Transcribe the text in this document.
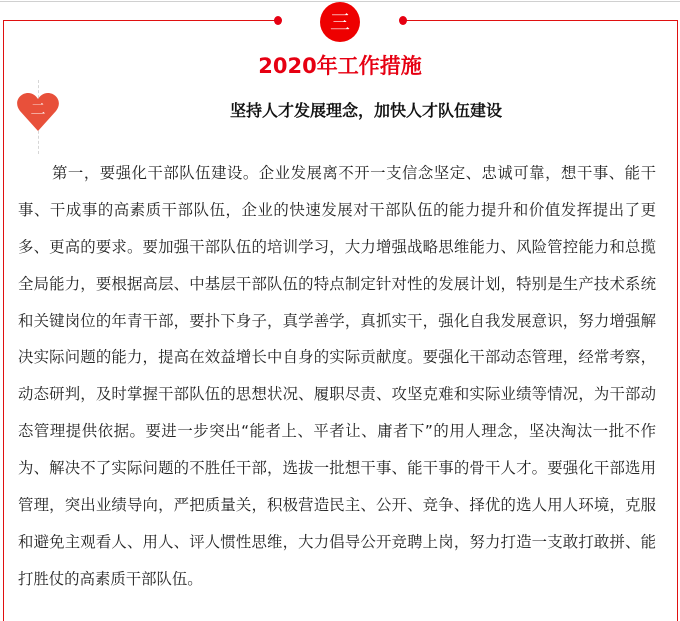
三
2020年工作措施
二	坚持人才发展理念，加快人才队伍建设
第一，要强化干部队伍建设。企业发展离不开一支信念坚定、忠诚可靠，想干事、能干
事、干成事的高素质干部队伍，企业的快速发展对干部队伍的能力提升和价值发挥提出了更
多、更高的要求。要加强干部队伍的培训学习，大力增强战略思维能力、风险管控能力和总揽
全局能力，要根据高层、中基层干部队伍的特点制定针对性的发展计划，特别是生产技术系统
和关键岗位的年青干部，要扑下身子，真学善学，真抓实干，强化自我发展意识，努力增强解
决实际问题的能力，提高在效益增长中自身的实际贡献度。要强化干部动态管理，经常考察，
动态研判，及时掌握干部队伍的思想状况、履职尽责、攻坚克难和实际业绩等情况，为干部动
态管理提供依据。要进一步突出“能者上、平者让、庸者下”的用人理念，坚决淘汰一批不作
为、解决不了实际问题的不胜任干部，选拔一批想干事、能干事的骨干人才。要强化干部选用
管理，突出业绩导向，严把质量关，积极营造民主、公开、竞争、择优的选人用人环境，克服
和避免主观看人、用人、评人惯性思维，大力倡导公开竞聘上岗，努力打造一支敢打敢拼、能
打胜仗的高素质干部队伍。
